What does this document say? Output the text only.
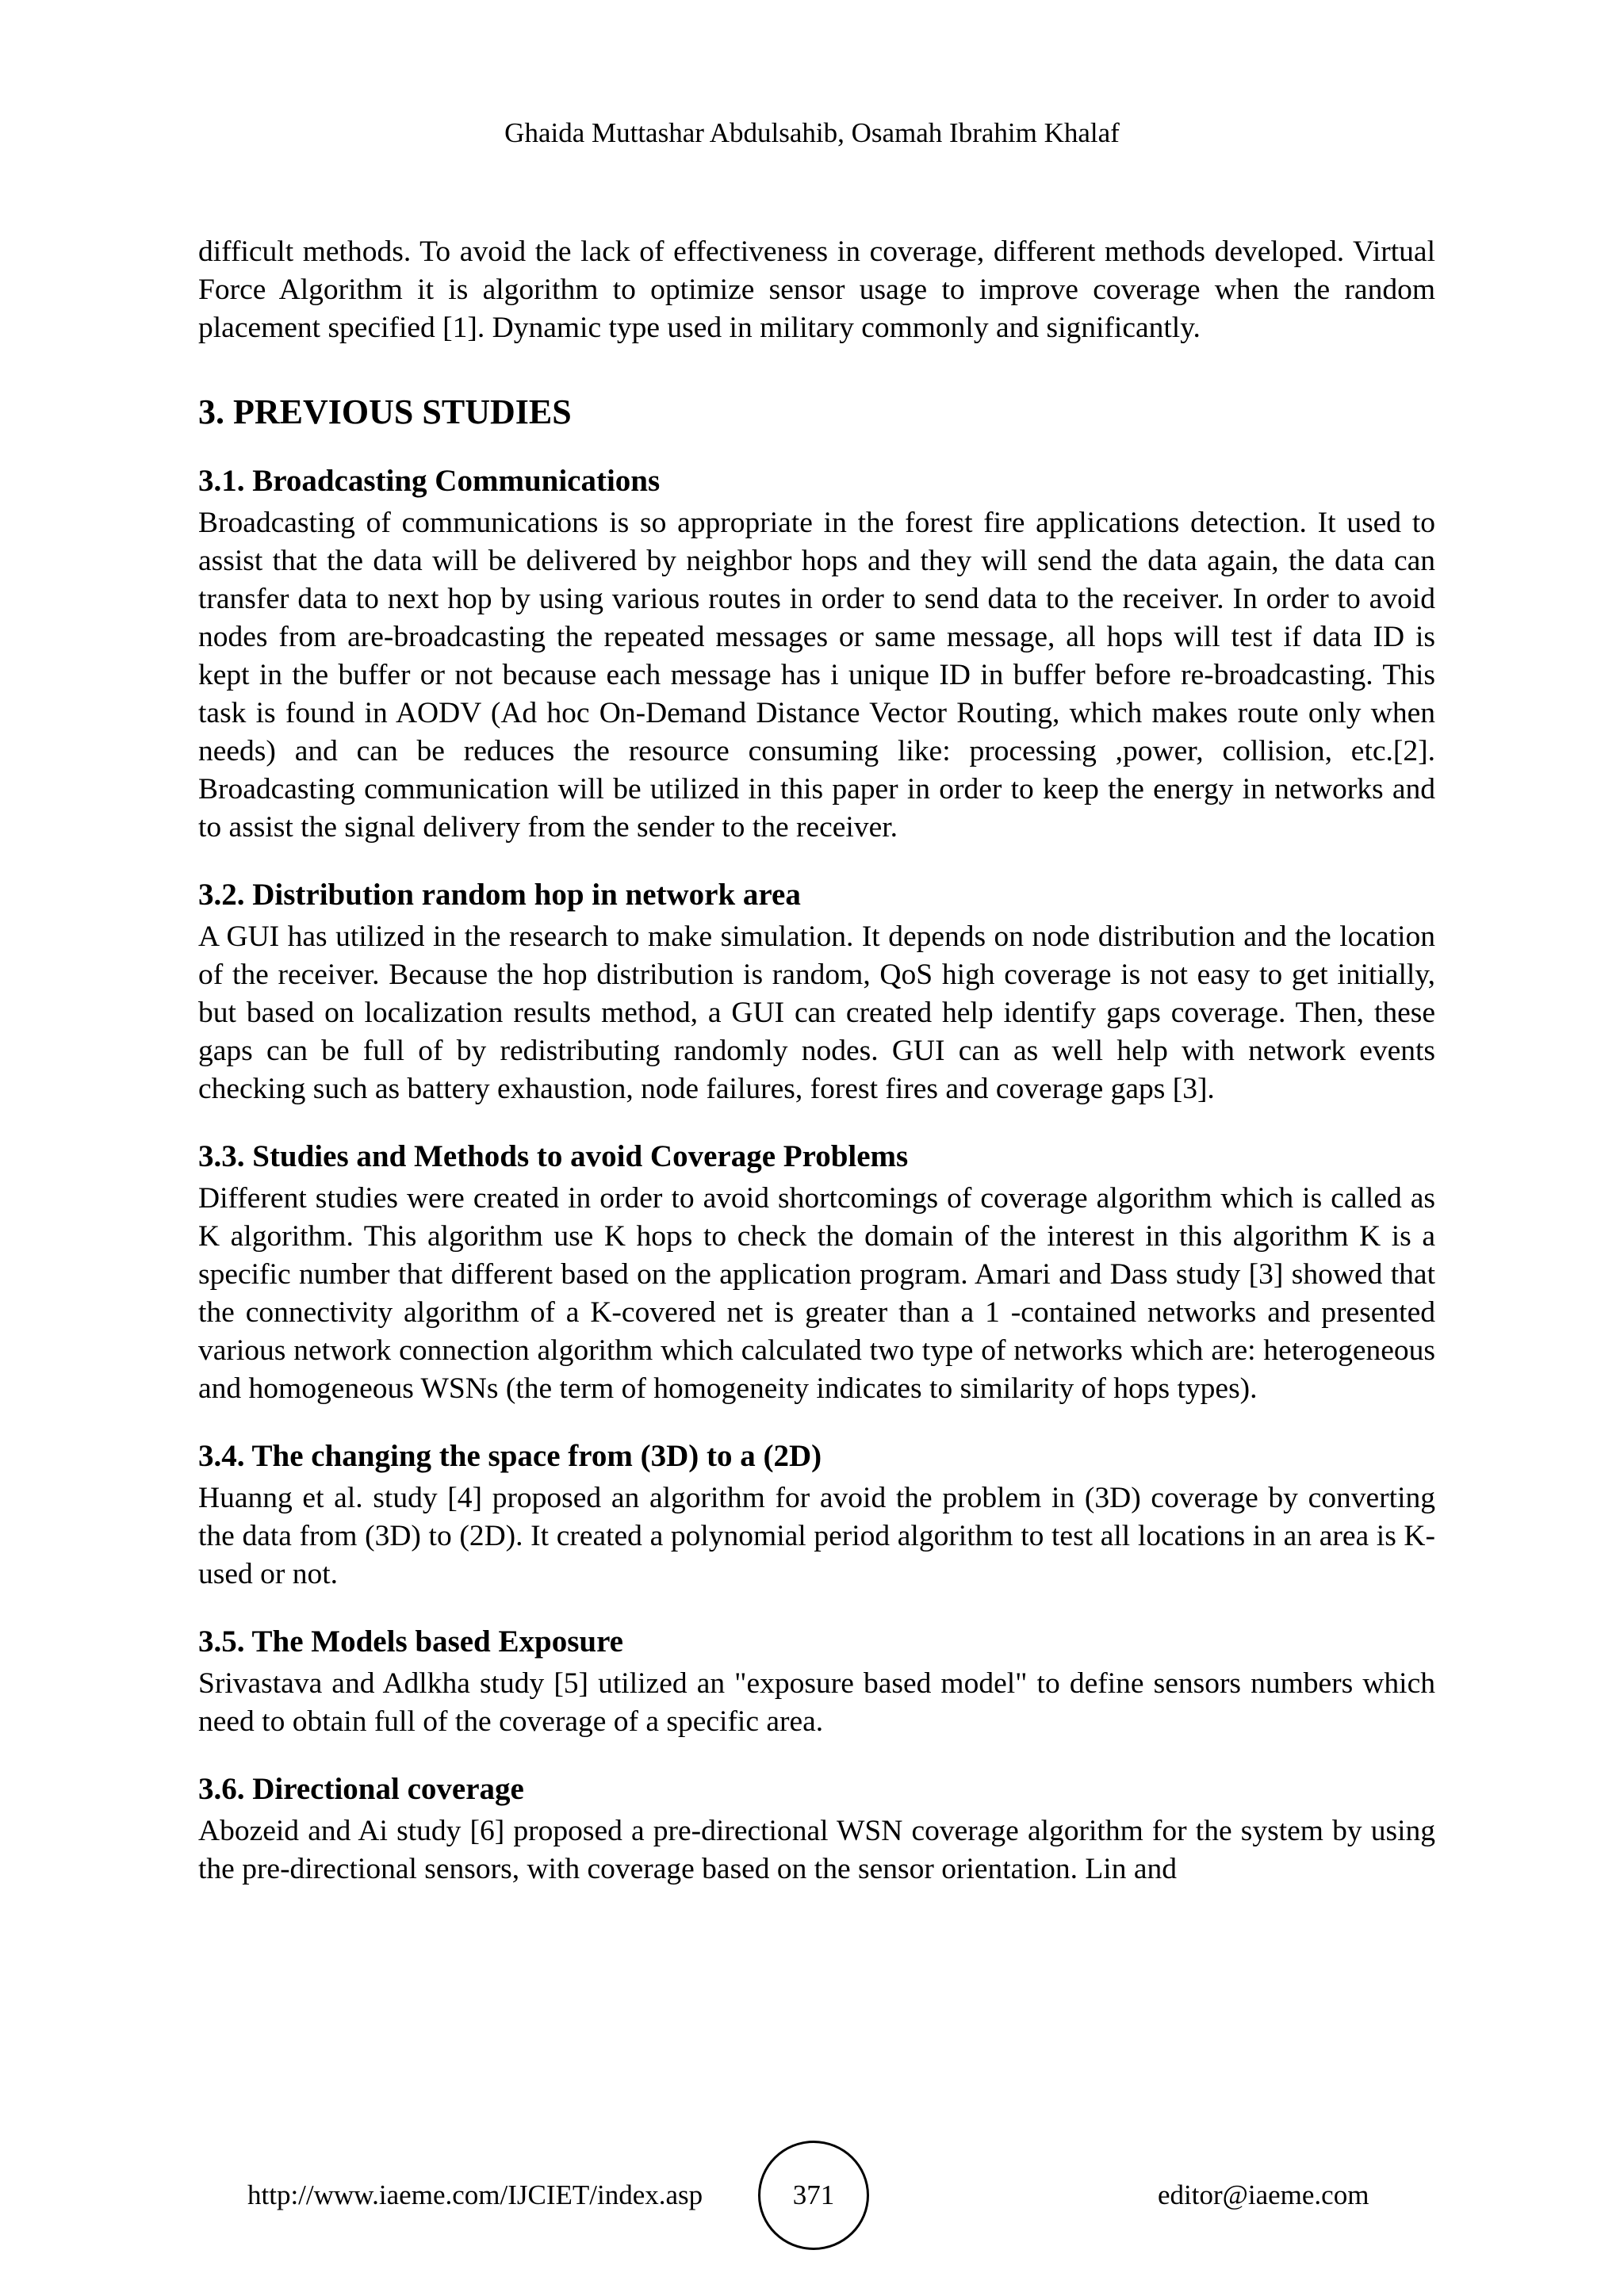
Ghaida Muttashar Abdulsahib, Osamah Ibrahim Khalaf

difficult methods. To avoid the lack of effectiveness in coverage, different methods developed. Virtual Force Algorithm it is algorithm to optimize sensor usage to improve coverage when the random placement specified [1]. Dynamic type used in military commonly and significantly.

3. PREVIOUS STUDIES
3.1. Broadcasting Communications

Broadcasting of communications is so appropriate in the forest fire applications detection. It used to assist that the data will be delivered by neighbor hops and they will send the data again, the data can transfer data to next hop by using various routes in order to send data to the receiver. In order to avoid nodes from are-broadcasting the repeated messages or same message, all hops will test if data ID is kept in the buffer or not because each message has i unique ID in buffer before re-broadcasting. This task is found in AODV (Ad hoc On-Demand Distance Vector Routing, which makes route only when needs) and can be reduces the resource consuming like: processing ,power, collision, etc.[2]. Broadcasting communication will be utilized in this paper in order to keep the energy in networks and to assist the signal delivery from the sender to the receiver.

3.2. Distribution random hop in network area

A GUI has utilized in the research to make simulation. It depends on node distribution and the location of the receiver. Because the hop distribution is random, QoS high coverage is not easy to get initially, but based on localization results method, a GUI can created help identify gaps coverage. Then, these gaps can be full of by redistributing randomly nodes. GUI can as well help with network events checking such as battery exhaustion, node failures, forest fires and coverage gaps [3].

3.3. Studies and Methods to avoid Coverage Problems

Different studies were created in order to avoid shortcomings of coverage algorithm which is called as K algorithm. This algorithm use K hops to check the domain of the interest in this algorithm K is a specific number that different based on the application program. Amari and Dass study [3] showed that the connectivity algorithm of a K-covered net is greater than a 1 -contained networks and presented various network connection algorithm which calculated two type of networks which are: heterogeneous and homogeneous WSNs (the term of homogeneity indicates to similarity of hops types).

3.4. The changing the space from (3D) to a (2D)

Huanng et al. study [4] proposed an algorithm for avoid the problem in (3D) coverage by converting the data from (3D) to (2D). It created a polynomial period algorithm to test all locations in an area is K-used or not.

3.5. The Models based Exposure

Srivastava and Adlkha study [5] utilized an "exposure based model" to define sensors numbers which need to obtain full of the coverage of a specific area.

3.6. Directional coverage

Abozeid and Ai study [6] proposed a pre-directional WSN coverage algorithm for the system by using the pre-directional sensors, with coverage based on the sensor orientation. Lin and

http://www.iaeme.com/IJCIET/index.asp	371	editor@iaeme.com
